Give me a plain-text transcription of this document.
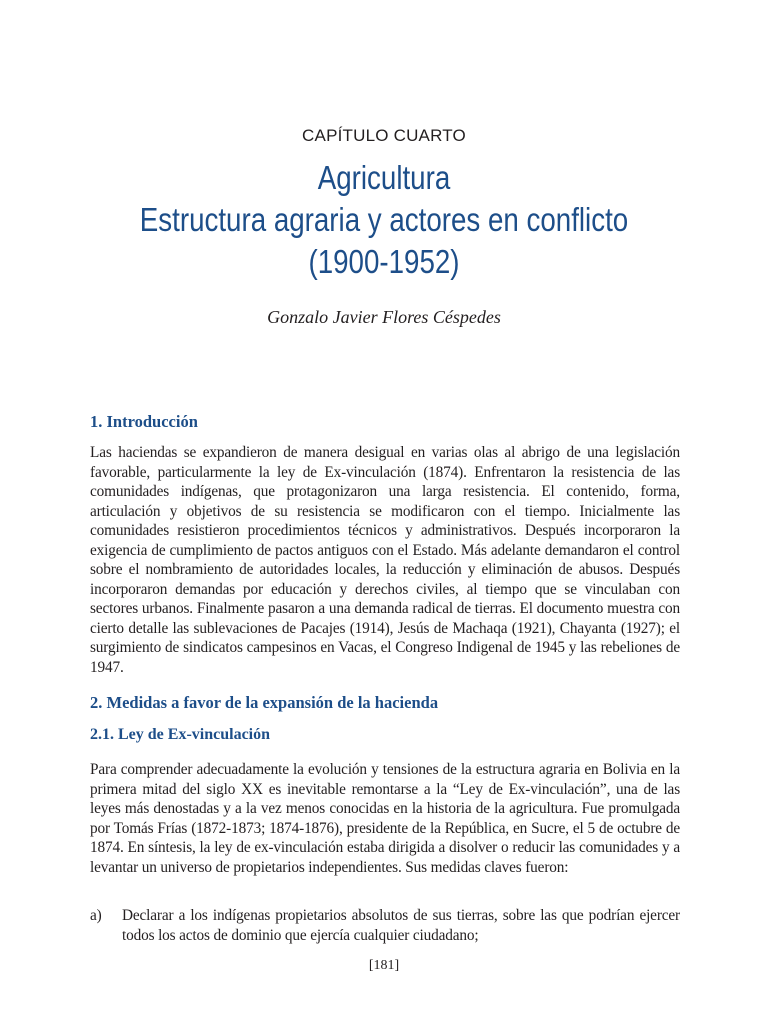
CAPÍTULO CUARTO
Agricultura
Estructura agraria y actores en conflicto
(1900-1952)
Gonzalo Javier Flores Céspedes
1. Introducción
Las haciendas se expandieron de manera desigual en varias olas al abrigo de una legislación favorable, particularmente la ley de Ex-vinculación (1874). Enfrentaron la resistencia de las comunidades indígenas, que protagonizaron una larga resistencia. El contenido, forma, articulación y objetivos de su resistencia se modificaron con el tiempo. Inicialmente las comunidades resistieron procedimientos técnicos y administrativos. Después incorporaron la exigencia de cumplimiento de pactos antiguos con el Estado. Más adelante demandaron el control sobre el nombramiento de autoridades locales, la reducción y eliminación de abusos. Después incorporaron demandas por educación y derechos civiles, al tiempo que se vinculaban con sectores urbanos. Finalmente pasaron a una demanda radical de tierras. El documento muestra con cierto detalle las sublevaciones de Pacajes (1914), Jesús de Machaqa (1921), Chayanta (1927); el surgimiento de sindicatos campesinos en Vacas, el Congreso Indigenal de 1945 y las rebeliones de 1947.
2. Medidas a favor de la expansión de la hacienda
2.1. Ley de Ex-vinculación
Para comprender adecuadamente la evolución y tensiones de la estructura agraria en Bolivia en la primera mitad del siglo XX es inevitable remontarse a la “Ley de Ex-vinculación”, una de las leyes más denostadas y a la vez menos conocidas en la historia de la agricultura. Fue promulgada por Tomás Frías (1872-1873; 1874-1876), presidente de la República, en Sucre, el 5 de octubre de 1874. En síntesis, la ley de ex-vinculación estaba dirigida a disolver o reducir las comunidades y a levantar un universo de propietarios independientes. Sus medidas claves fueron:
a)	Declarar a los indígenas propietarios absolutos de sus tierras, sobre las que podrían ejercer todos los actos de dominio que ejercía cualquier ciudadano;
[181]
